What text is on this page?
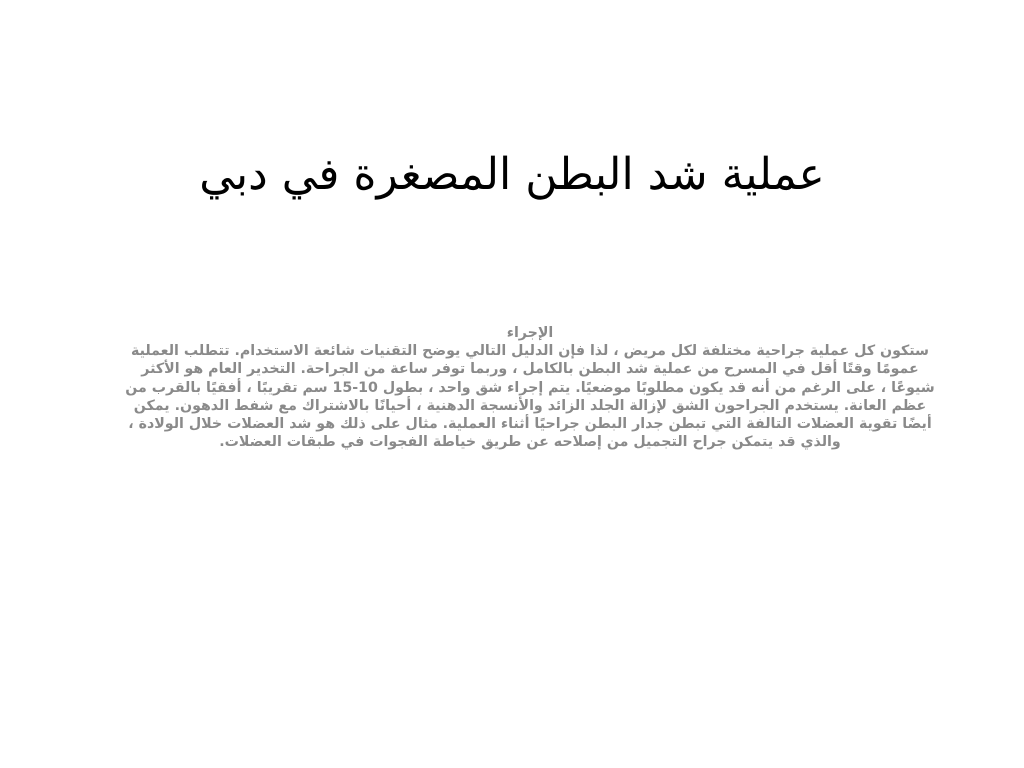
عملية شد البطن المصغرة في دبي
الإجراء
ستكون كل عملية جراحية مختلفة لكل مريض ، لذا فإن الدليل التالي يوضح التقنيات شائعة الاستخدام. تتطلب العملية عمومًا وقتًا أقل في المسرح من عملية شد البطن بالكامل ، وربما توفر ساعة من الجراحة. التخدير العام هو الأكثر شيوعًا ، على الرغم من أنه قد يكون مطلوبًا موضعيًا. يتم إجراء شق واحد ، بطول 10-15 سم تقريبًا ، أفقيًا بالقرب من عظم العانة. يستخدم الجراحون الشق لإزالة الجلد الزائد والأنسجة الدهنية ، أحيانًا بالاشتراك مع شفط الدهون. يمكن أيضًا تقوية العضلات التالفة التي تبطن جدار البطن جراحيًا أثناء العملية. مثال على ذلك هو شد العضلات خلال الولادة ، والذي قد يتمكن جراح التجميل من إصلاحه عن طريق خياطة الفجوات في طبقات العضلات.
